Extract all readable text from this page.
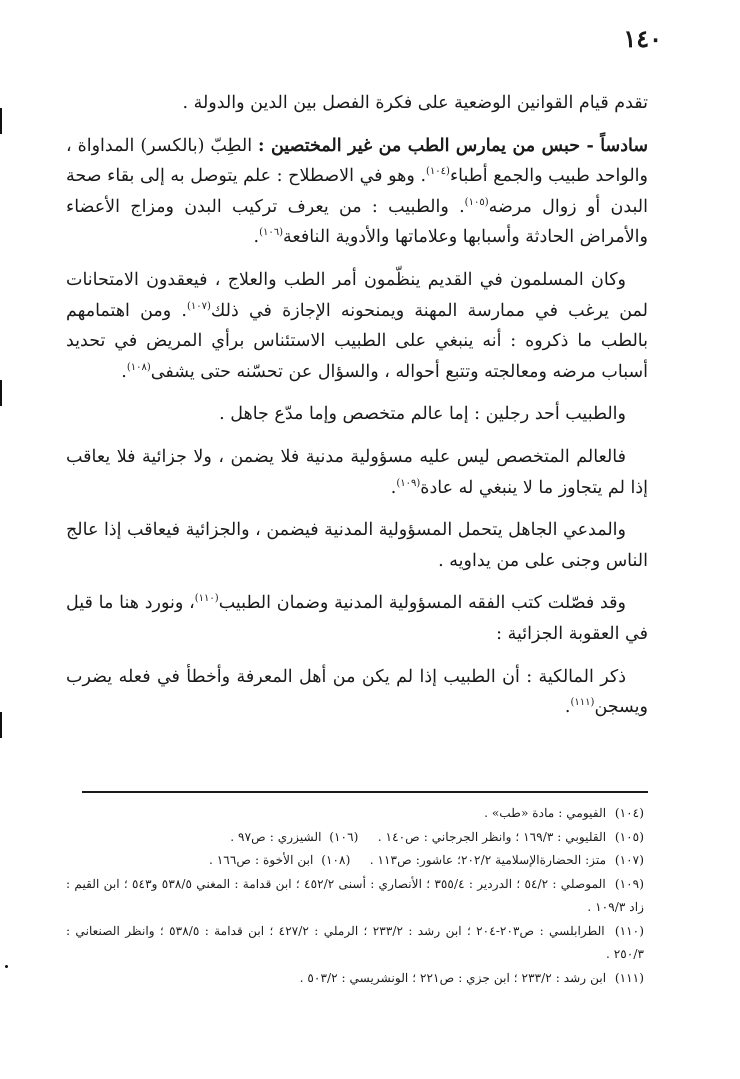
١٤٠

تقدم قيام القوانين الوضعية على فكرة الفصل بين الدين والدولة .

سادساً - حبس من يمارس الطب من غير المختصين : الطِبّ (بالكسر) المداواة ، والواحد طبيب والجمع أطباء$^{(١٠٤)}$. وهو في الاصطلاح : علم يتوصل به إلى بقاء صحة البدن أو زوال مرضه$^{(١٠٥)}$. والطبيب : من يعرف تركيب البدن ومزاج الأعضاء والأمراض الحادثة وأسبابها وعلاماتها والأدوية النافعة$^{(١٠٦)}$.

وكان المسلمون في القديم ينظّمون أمر الطب والعلاج ، فيعقدون الامتحانات لمن يرغب في ممارسة المهنة ويمنحونه الإجازة في ذلك$^{(١٠٧)}$. ومن اهتمامهم بالطب ما ذكروه : أنه ينبغي على الطبيب الاستئناس برأي المريض في تحديد أسباب مرضه ومعالجته وتتبع أحواله ، والسؤال عن تحسّنه حتى يشفى$^{(١٠٨)}$.

والطبيب أحد رجلين : إما عالم متخصص وإما مدّع جاهل .

فالعالم المتخصص ليس عليه مسؤولية مدنية فلا يضمن ، ولا جزائية فلا يعاقب إذا لم يتجاوز ما لا ينبغي له عادة$^{(١٠٩)}$.

والمدعي الجاهل يتحمل المسؤولية المدنية فيضمن ، والجزائية فيعاقب إذا عالج الناس وجنى على من يداويه .

وقد فصّلت كتب الفقه المسؤولية المدنية وضمان الطبيب$^{(١١٠)}$، ونورد هنا ما قيل في العقوبة الجزائية :

ذكر المالكية : أن الطبيب إذا لم يكن من أهل المعرفة وأخطأ في فعله يضرب ويسجن$^{(١١١)}$.

(١٠٤) الفيومي : مادة «طب» .

(١٠٥) القليوبي : ١٦٩/٣ ؛ وانظر الجرجاني : ص١٤٠ .     (١٠٦)  الشيزري : ص٩٧ .

(١٠٧) متز: الحضارةالإسلامية ٢٠٢/٢؛ عاشور: ص١١٣ .     (١٠٨)  ابن الأخوة : ص١٦٦ .

(١٠٩) الموصلي : ٥٤/٢ ؛ الدردير : ٣٥٥/٤ ؛ الأنصاري : أسنى ٤٥٢/٢ ؛ ابن قدامة : المغني ٥٣٨/٥ و٥٤٣ ؛ ابن القيم : زاد ١٠٩/٣ .

(١١٠) الطرابلسي : ص٢٠٣-٢٠٤ ؛ ابن رشد : ٢٣٣/٢ ؛ الرملي : ٤٢٧/٢ ؛ ابن قدامة : ٥٣٨/٥ ؛ وانظر الصنعاني : ٢٥٠/٣ .

(١١١) ابن رشد : ٢٣٣/٢ ؛ ابن جزي : ص٢٢١ ؛ الونشريسي : ٥٠٣/٢ .
